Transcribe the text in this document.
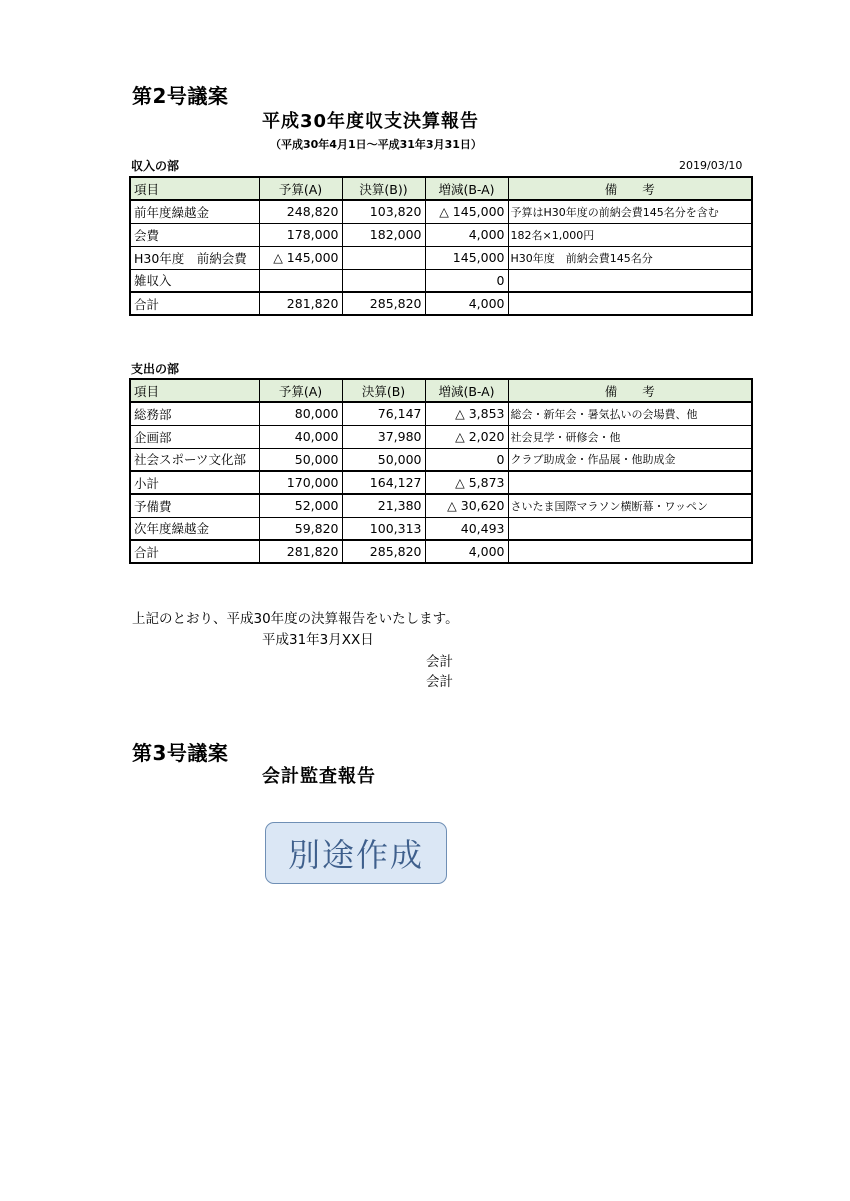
第2号議案
平成30年度収支決算報告
（平成30年4月1日～平成31年3月31日）
収入の部	2019/03/10
項目	予算(A)	決算(B))	増減(B-A)	備　　考
前年度繰越金	248,820	103,820	△ 145,000	予算はH30年度の前納会費145名分を含む
会費	178,000	182,000	4,000	182名×1,000円
H30年度　前納会費	△ 145,000		145,000	H30年度　前納会費145名分
雑収入			0	
合計	281,820	285,820	4,000	
支出の部
項目	予算(A)	決算(B)	増減(B-A)	備　　考
総務部	80,000	76,147	△ 3,853	総会・新年会・暑気払いの会場費、他
企画部	40,000	37,980	△ 2,020	社会見学・研修会・他
社会スポーツ文化部	50,000	50,000	0	クラブ助成金・作品展・他助成金
小計	170,000	164,127	△ 5,873	
予備費	52,000	21,380	△ 30,620	さいたま国際マラソン横断幕・ワッペン
次年度繰越金	59,820	100,313	40,493	
合計	281,820	285,820	4,000	
上記のとおり、平成30年度の決算報告をいたします。
平成31年3月XX日
会計
会計
第3号議案
会計監査報告
別途作成
